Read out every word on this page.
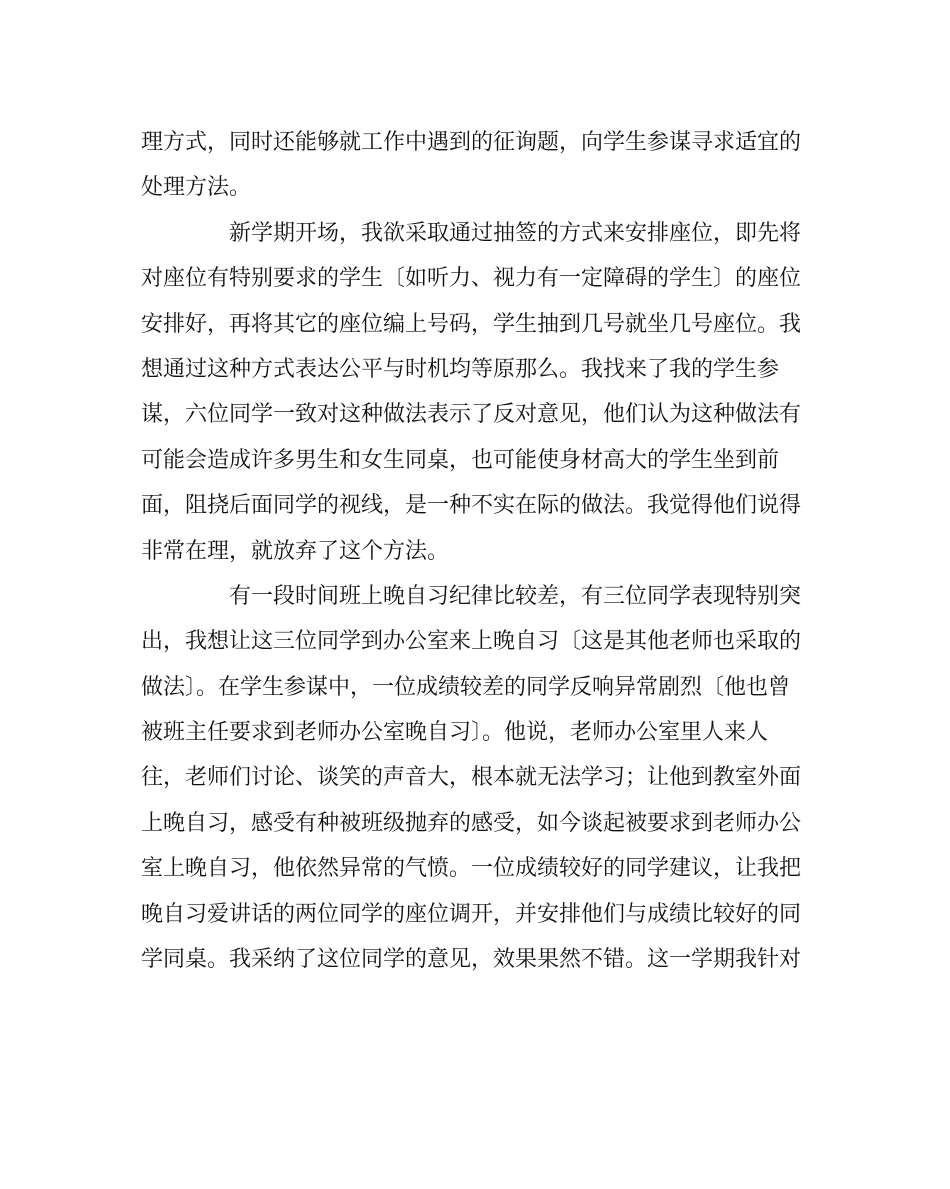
理方式，同时还能够就工作中遇到的征询题，向学生参谋寻求适宜的
处理方法。
新学期开场，我欲采取通过抽签的方式来安排座位，即先将
对座位有特别要求的学生〔如听力、视力有一定障碍的学生〕的座位
安排好，再将其它的座位编上号码，学生抽到几号就坐几号座位。我
想通过这种方式表达公平与时机均等原那么。我找来了我的学生参
谋，六位同学一致对这种做法表示了反对意见，他们认为这种做法有
可能会造成许多男生和女生同桌，也可能使身材高大的学生坐到前
面，阻挠后面同学的视线，是一种不实在际的做法。我觉得他们说得
非常在理，就放弃了这个方法。
有一段时间班上晚自习纪律比较差，有三位同学表现特别突
出，我想让这三位同学到办公室来上晚自习〔这是其他老师也采取的
做法〕。在学生参谋中，一位成绩较差的同学反响异常剧烈〔他也曾
被班主任要求到老师办公室晚自习〕。他说，老师办公室里人来人
往，老师们讨论、谈笑的声音大，根本就无法学习；让他到教室外面
上晚自习，感受有种被班级抛弃的感受，如今谈起被要求到老师办公
室上晚自习，他依然异常的气愤。一位成绩较好的同学建议，让我把
晚自习爱讲话的两位同学的座位调开，并安排他们与成绩比较好的同
学同桌。我采纳了这位同学的意见，效果果然不错。这一学期我针对
